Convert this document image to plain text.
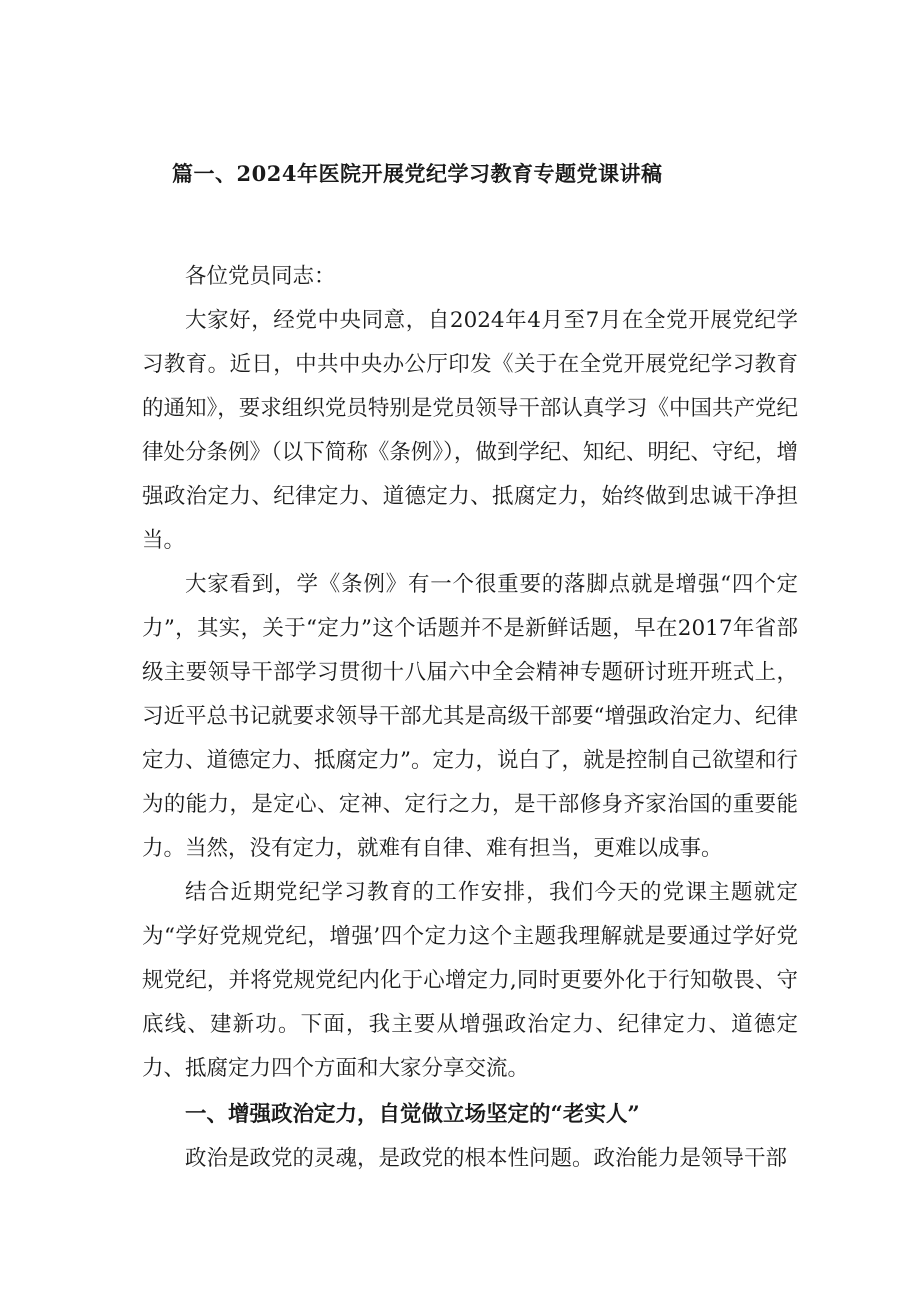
篇一、2024年医院开展党纪学习教育专题党课讲稿

各位党员同志：

大家好，经党中央同意，自2024年4月至7月在全党开展党纪学习教育。近日，中共中央办公厅印发《关于在全党开展党纪学习教育的通知》，要求组织党员特别是党员领导干部认真学习《中国共产党纪律处分条例》（以下简称《条例》），做到学纪、知纪、明纪、守纪，增强政治定力、纪律定力、道德定力、抵腐定力，始终做到忠诚干净担当。

大家看到，学《条例》有一个很重要的落脚点就是增强“四个定力”，其实，关于“定力”这个话题并不是新鲜话题，早在2017年省部级主要领导干部学习贯彻十八届六中全会精神专题研讨班开班式上，习近平总书记就要求领导干部尤其是高级干部要“增强政治定力、纪律定力、道德定力、抵腐定力”。定力，说白了，就是控制自己欲望和行为的能力，是定心、定神、定行之力，是干部修身齐家治国的重要能力。当然，没有定力，就难有自律、难有担当，更难以成事。

结合近期党纪学习教育的工作安排，我们今天的党课主题就定为“学好党规党纪，增强’四个定力这个主题我理解就是要通过学好党规党纪，并将党规党纪内化于心增定力,同时更要外化于行知敬畏、守底线、建新功。下面，我主要从增强政治定力、纪律定力、道德定力、抵腐定力四个方面和大家分享交流。

一、增强政治定力，自觉做立场坚定的“老实人”

政治是政党的灵魂，是政党的根本性问题。政治能力是领导干部
